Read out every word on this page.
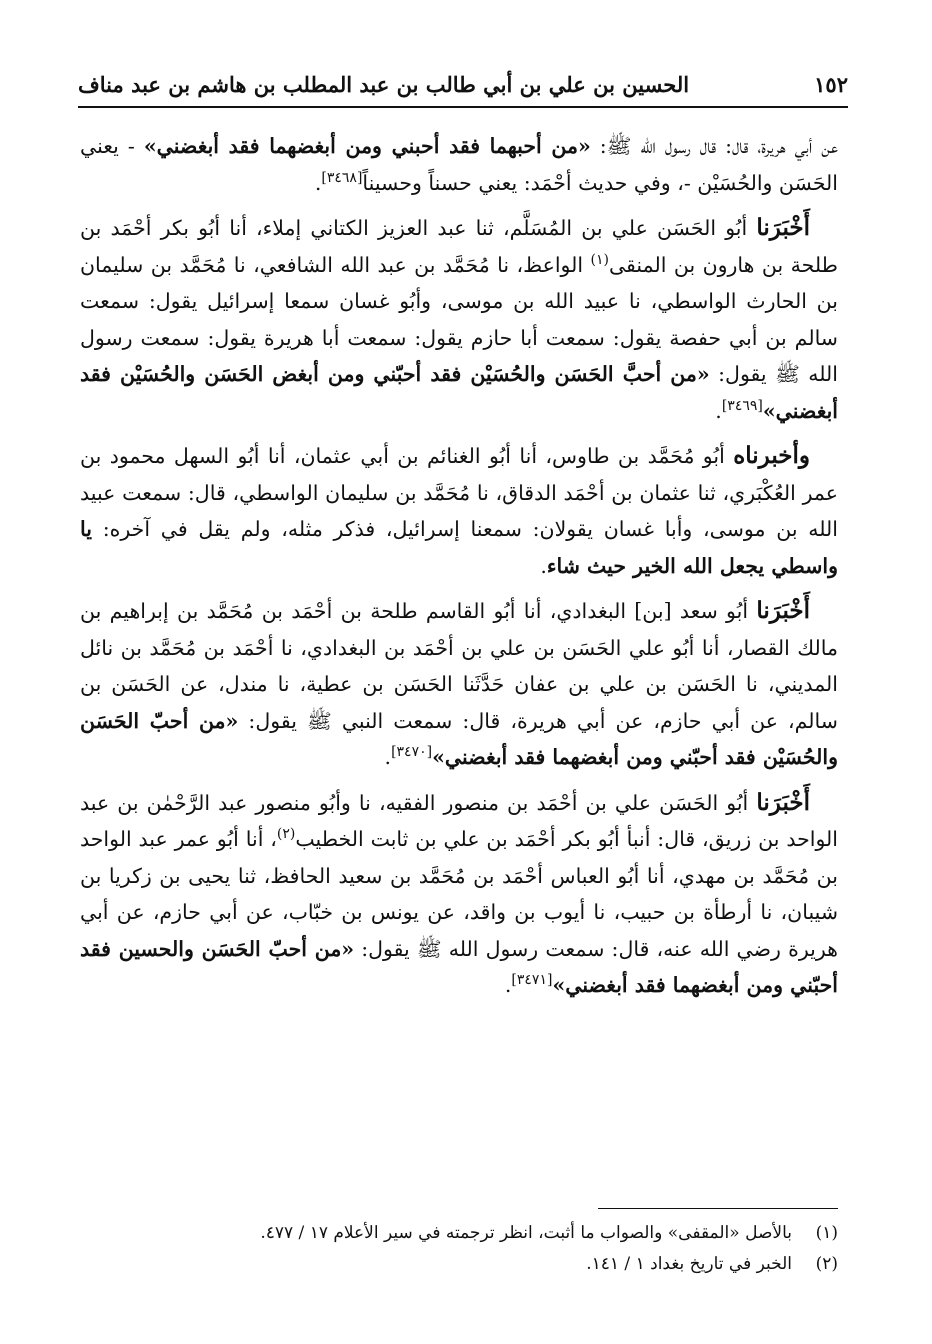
١٥٢
الحسين بن علي بن أبي طالب بن عبد المطلب بن هاشم بن عبد مناف

عن أبي هريرة، قال: قال رسول الله ﷺ: «من أحبهما فقد أحبني ومن أبغضهما فقد أبغضني» - يعني الحَسَن والحُسَيْن -، وفي حديث أحْمَد: يعني حسناً وحسيناً[٣٤٦٨].

أَخْبَرَنا أبُو الحَسَن علي بن المُسَلَّم، ثنا عبد العزيز الكتاني إملاء، أنا أبُو بكر أحْمَد بن طلحة بن هارون بن المنقى$^{(١)}$ الواعظ، نا مُحَمَّد بن عبد الله الشافعي، نا مُحَمَّد بن سليمان بن الحارث الواسطي، نا عبيد الله بن موسى، وأبُو غسان سمعا إسرائيل يقول: سمعت سالم بن أبي حفصة يقول: سمعت أبا حازم يقول: سمعت أبا هريرة يقول: سمعت رسول الله ﷺ يقول: «من أحبَّ الحَسَن والحُسَيْن فقد أحبّني ومن أبغض الحَسَن والحُسَيْن فقد أبغضني»[٣٤٦٩].

وأخبرناه أبُو مُحَمَّد بن طاوس، أنا أبُو الغنائم بن أبي عثمان، أنا أبُو السهل محمود بن عمر العُكْبَري، ثنا عثمان بن أحْمَد الدقاق، نا مُحَمَّد بن سليمان الواسطي، قال: سمعت عبيد الله بن موسى، وأبا غسان يقولان: سمعنا إسرائيل، فذكر مثله، ولم يقل في آخره: يا واسطي يجعل الله الخير حيث شاء.

أَخْبَرَنا أبُو سعد [بن] البغدادي، أنا أبُو القاسم طلحة بن أحْمَد بن مُحَمَّد بن إبراهيم بن مالك القصار، أنا أبُو علي الحَسَن بن علي بن أحْمَد بن البغدادي، نا أحْمَد بن مُحَمَّد بن نائل المديني، نا الحَسَن بن علي بن عفان حَدَّثَنا الحَسَن بن عطية، نا مندل، عن الحَسَن بن سالم، عن أبي حازم، عن أبي هريرة، قال: سمعت النبي ﷺ يقول: «من أحبّ الحَسَن والحُسَيْن فقد أحبّني ومن أبغضهما فقد أبغضني»[٣٤٧٠].

أَخْبَرَنا أبُو الحَسَن علي بن أحْمَد بن منصور الفقيه، نا وأبُو منصور عبد الرَّحْمٰن بن عبد الواحد بن زريق، قال: أنبأ أبُو بكر أحْمَد بن علي بن ثابت الخطيب$^{(٢)}$، أنا أبُو عمر عبد الواحد بن مُحَمَّد بن مهدي، أنا أبُو العباس أحْمَد بن مُحَمَّد بن سعيد الحافظ، ثنا يحيى بن زكريا بن شيبان، نا أرطأة بن حبيب، نا أيوب بن واقد، عن يونس بن خبّاب، عن أبي حازم، عن أبي هريرة رضي الله عنه، قال: سمعت رسول الله ﷺ يقول: «من أحبّ الحَسَن والحسين فقد أحبّني ومن أبغضهما فقد أبغضني»[٣٤٧١].

(١)
بالأصل «المقفى» والصواب ما أثبت، انظر ترجمته في سير الأعلام ١٧ / ٤٧٧.
(٢)
الخبر في تاريخ بغداد ١ / ١٤١.
